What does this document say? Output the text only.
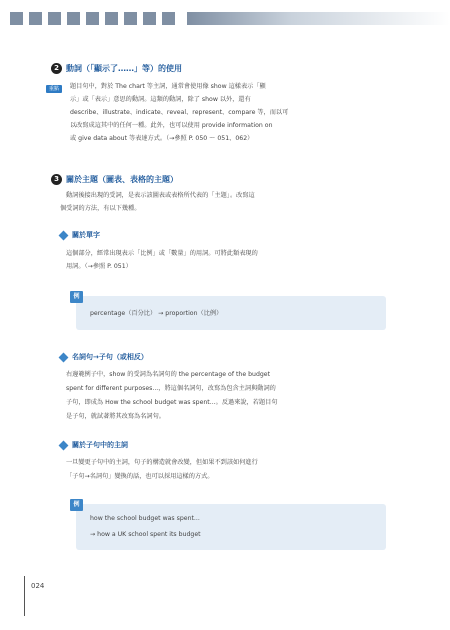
2 動詞（「顯示了……」等）的使用
重點	題目句中，對於 The chart 等主詞，通常會使用像 show 這樣表示「顯
示」或「表示」意思的動詞。這類的動詞，除了 show 以外，還有
describe、illustrate、indicate、reveal、represent、compare 等，而以可
以改寫成這其中的任何一種。此外，也可以使用 provide information on
或 give data about 等表達方式。（→參照 P. 050 ～ 051、062）
3 關於主題（圖表、表格的主題）
動詞後接出現的受詞，是表示該圖表或表格所代表的「主題」。改寫這
個受詞的方法，有以下幾種。
關於單字
這個部分，經常出現表示「比例」或「數量」的用詞。可將此類表現的
用詞。（→參照 P. 051）
例
percentage（百分比） → proportion（比例）
名詞句→子句（或相反）
右邊範例子中，show 的受詞為名詞句的 the percentage of the budget
spent for different purposes...，將這個名詞句，改寫為包含主詞與動詞的
子句，即成為 How the school budget was spent...。反過來說，若題目句
是子句，就試著將其改寫為名詞句。
關於子句中的主詞
一旦變更子句中的主詞，句子的構造就會改變，但如果不到該如何進行
「子句→名詞句」變換的話，也可以採用這樣的方式。
例
how the school budget was spent...
→ how a UK school spent its budget
024
